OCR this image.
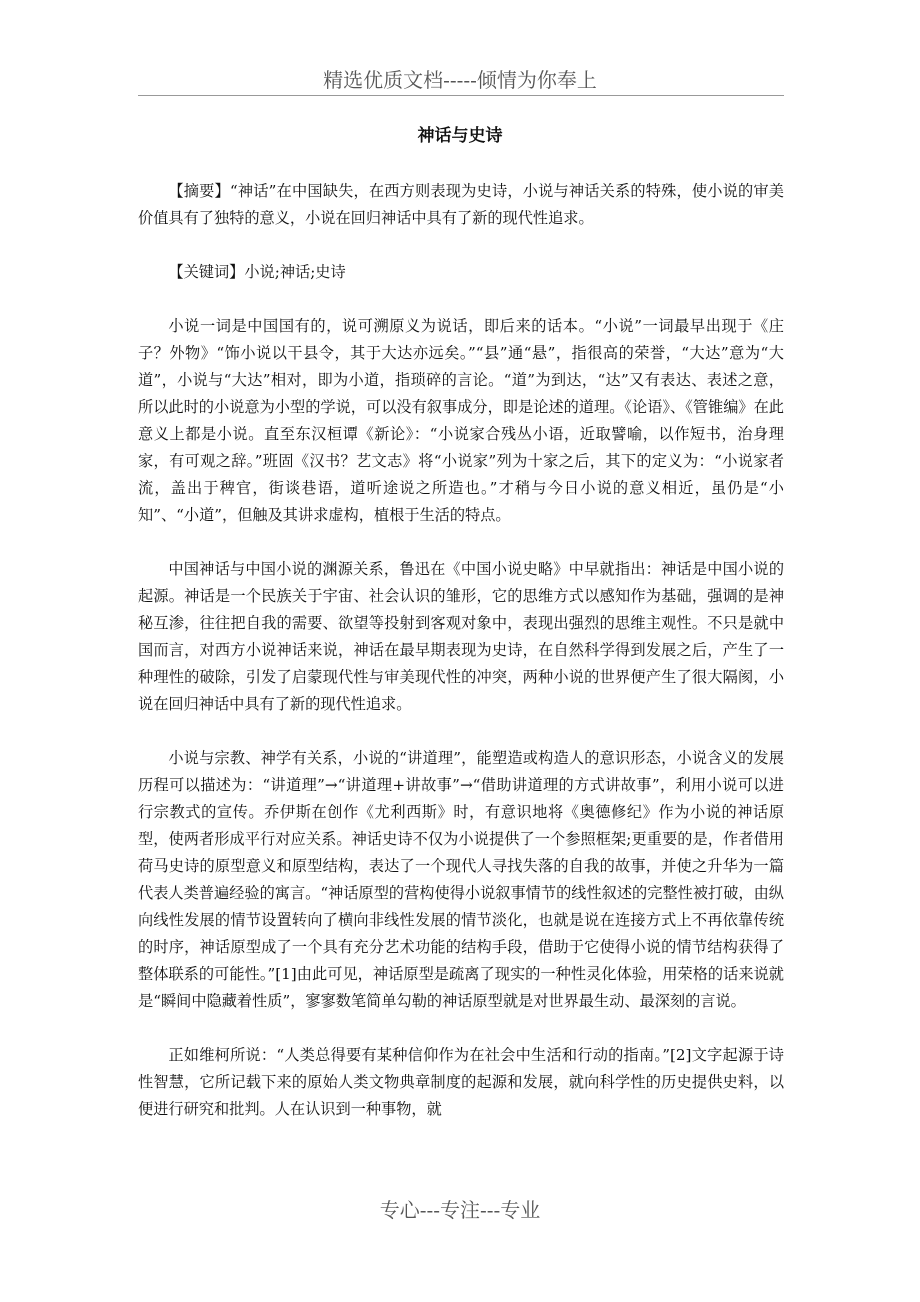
精选优质文档-----倾情为你奉上
神话与史诗

【摘要】“神话”在中国缺失，在西方则表现为史诗，小说与神话关系的特殊，使小说的审美价值具有了独特的意义，小说在回归神话中具有了新的现代性追求。

【关键词】小说;神话;史诗

小说一词是中国国有的，说可溯原义为说话，即后来的话本。“小说”一词最早出现于《庄子？外物》“饰小说以干县令，其于大达亦远矣。”“县”通“悬”，指很高的荣誉，“大达”意为“大道”，小说与“大达”相对，即为小道，指琐碎的言论。“道”为到达，“达”又有表达、表述之意，所以此时的小说意为小型的学说，可以没有叙事成分，即是论述的道理。《论语》、《管锥编》在此意义上都是小说。直至东汉桓谭《新论》：“小说家合残丛小语，近取譬喻，以作短书，治身理家，有可观之辞。”班固《汉书？艺文志》将“小说家”列为十家之后，其下的定义为：“小说家者流，盖出于稗官，街谈巷语，道听途说之所造也。”才稍与今日小说的意义相近，虽仍是“小知”、“小道”，但触及其讲求虚构，植根于生活的特点。

中国神话与中国小说的渊源关系，鲁迅在《中国小说史略》中早就指出：神话是中国小说的起源。神话是一个民族关于宇宙、社会认识的雏形，它的思维方式以感知作为基础，强调的是神秘互渗，往往把自我的需要、欲望等投射到客观对象中，表现出强烈的思维主观性。不只是就中国而言，对西方小说神话来说，神话在最早期表现为史诗，在自然科学得到发展之后，产生了一种理性的破除，引发了启蒙现代性与审美现代性的冲突，两种小说的世界便产生了很大隔阂，小说在回归神话中具有了新的现代性追求。

小说与宗教、神学有关系，小说的“讲道理”，能塑造或构造人的意识形态，小说含义的发展历程可以描述为：“讲道理”→“讲道理+讲故事”→“借助讲道理的方式讲故事”，利用小说可以进行宗教式的宣传。乔伊斯在创作《尤利西斯》时，有意识地将《奥德修纪》作为小说的神话原型，使两者形成平行对应关系。神话史诗不仅为小说提供了一个参照框架;更重要的是，作者借用荷马史诗的原型意义和原型结构，表达了一个现代人寻找失落的自我的故事，并使之升华为一篇代表人类普遍经验的寓言。“神话原型的营构使得小说叙事情节的线性叙述的完整性被打破，由纵向线性发展的情节设置转向了横向非线性发展的情节淡化，也就是说在连接方式上不再依靠传统的时序，神话原型成了一个具有充分艺术功能的结构手段，借助于它使得小说的情节结构获得了整体联系的可能性。”[1]由此可见，神话原型是疏离了现实的一种性灵化体验，用荣格的话来说就是“瞬间中隐藏着性质”，寥寥数笔简单勾勒的神话原型就是对世界最生动、最深刻的言说。

正如维柯所说：“人类总得要有某种信仰作为在社会中生活和行动的指南。”[2]文字起源于诗性智慧，它所记载下来的原始人类文物典章制度的起源和发展，就向科学性的历史提供史料，以便进行研究和批判。人在认识到一种事物，就

专心---专注---专业
